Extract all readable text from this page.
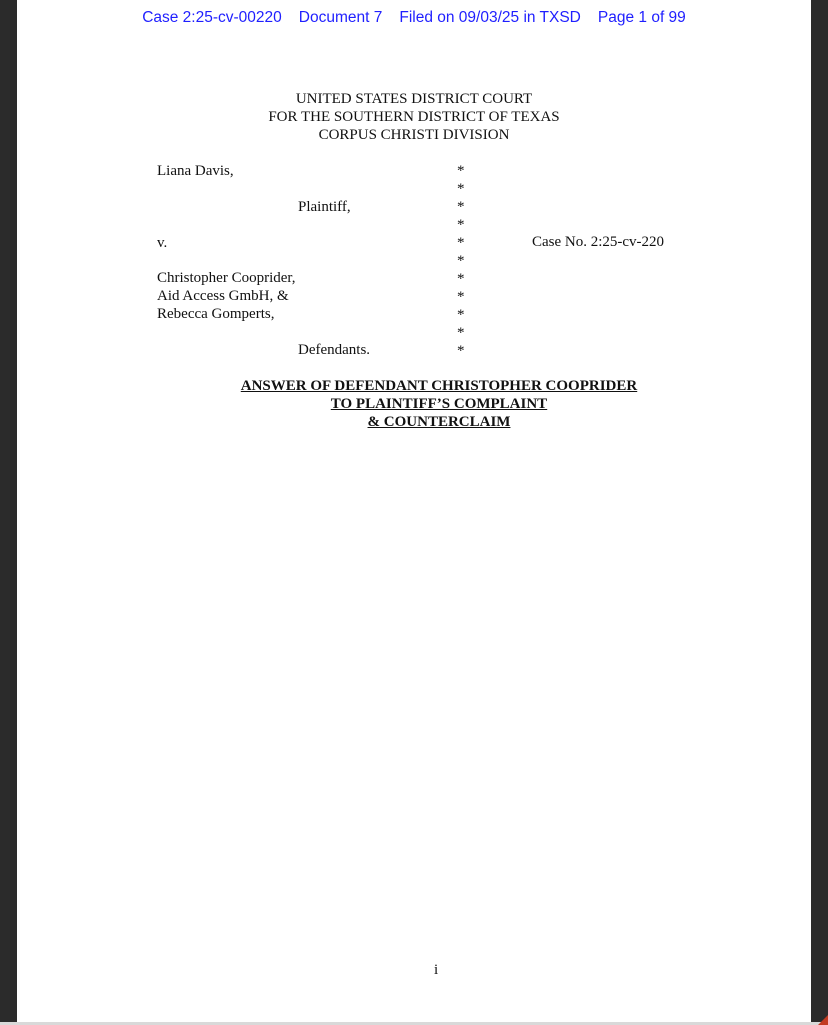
Case 2:25-cv-00220 Document 7 Filed on 09/03/25 in TXSD Page 1 of 99
UNITED STATES DISTRICT COURT
FOR THE SOUTHERN DISTRICT OF TEXAS
CORPUS CHRISTI DIVISION
Liana Davis,
Plaintiff,
v.	Case No. 2:25-cv-220
Christopher Cooprider,
Aid Access GmbH, &
Rebecca Gomperts,
Defendants.
*
*
*
*
*
*
*
*
*
*
*
ANSWER OF DEFENDANT CHRISTOPHER COOPRIDER
TO PLAINTIFF’S COMPLAINT
& COUNTERCLAIM
i
